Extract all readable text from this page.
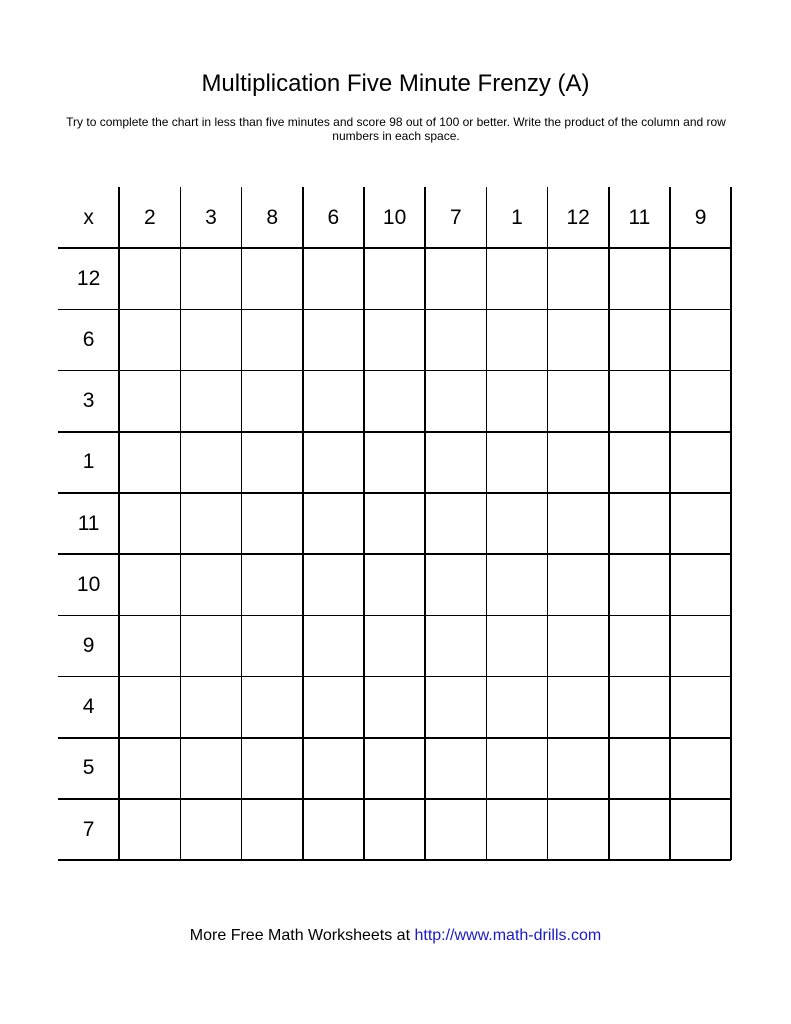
Multiplication Five Minute Frenzy (A)
Try to complete the chart in less than five minutes and score 98 out of 100 or better. Write the product of the column and row numbers in each space.
x	2	3	8	6	10	7	1	12	11	9
12
6
3
1
11
10
9
4
5
7
More Free Math Worksheets at http://www.math-drills.com
